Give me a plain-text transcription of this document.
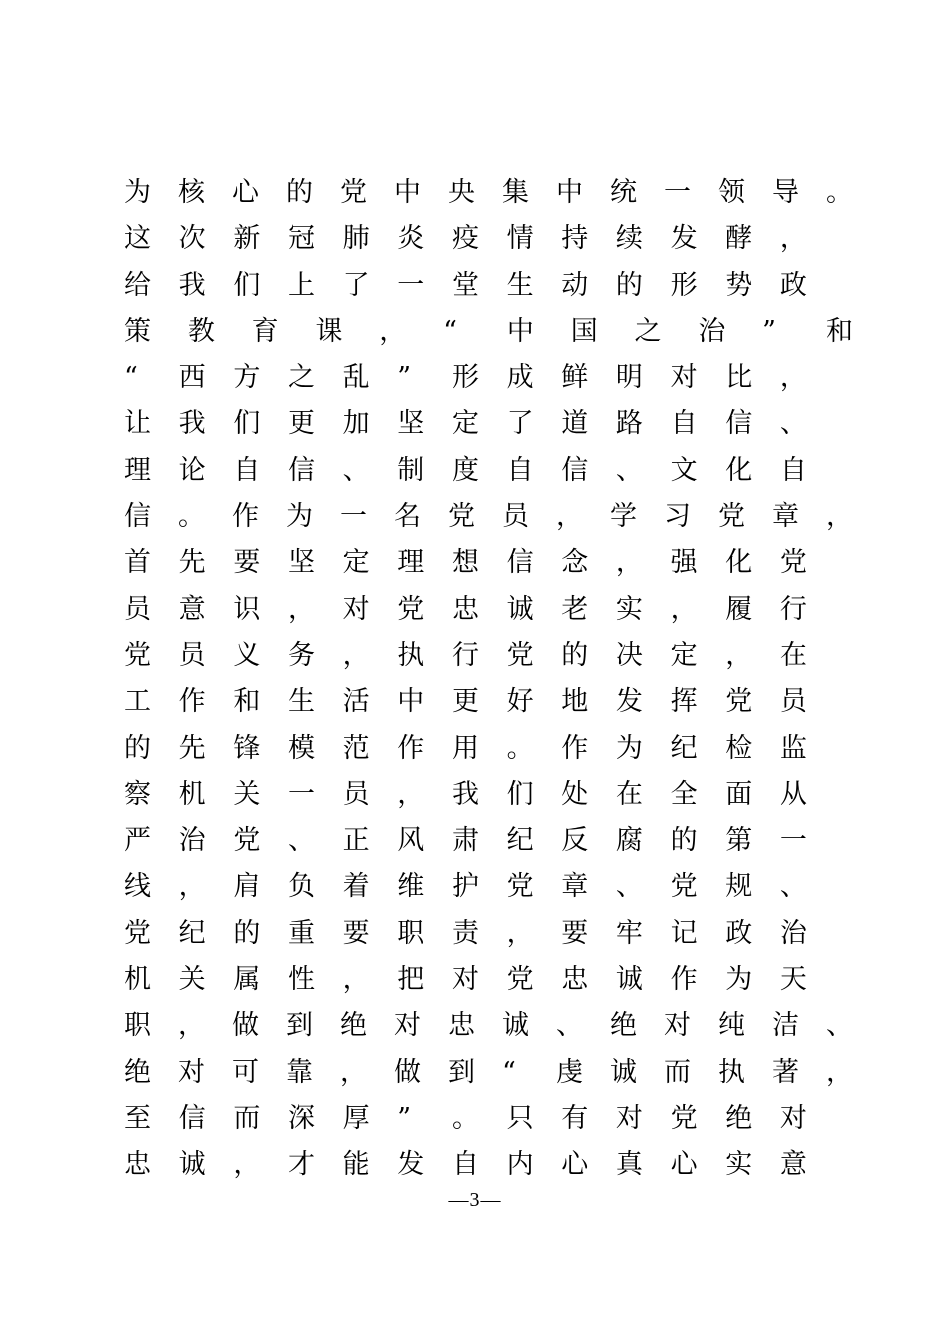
为 核 心 的 党 中 央 集 中 统 一 领 导 。
这 次 新 冠 肺 炎 疫 情 持 续 发 酵 ，
给 我 们 上 了 一 堂 生 动 的 形 势 政
策 教 育 课 ， “	中 国 之 治 ”	和
“	西 方 之 乱 ”	形 成 鲜 明 对 比 ，
让 我 们 更 加 坚 定 了 道 路 自 信 、
理 论 自 信 、 制 度 自 信 、 文 化 自
信 。 作 为 一 名 党 员 ， 学 习 党 章 ，
首 先 要 坚 定 理 想 信 念 ， 强 化 党
员 意 识 ， 对 党 忠 诚 老 实 ， 履 行
党 员 义 务 ， 执 行 党 的 决 定 ， 在
工 作 和 生 活 中 更 好 地 发 挥 党 员
的 先 锋 模 范 作 用 。 作 为 纪 检 监
察 机 关 一 员 ， 我 们 处 在 全 面 从
严 治 党 、 正 风 肃 纪 反 腐 的 第 一
线 ， 肩 负 着 维 护 党 章 、 党 规 、
党 纪 的 重 要 职 责 ， 要 牢 记 政 治
机 关 属 性 ， 把 对 党 忠 诚 作 为 天
职 ， 做 到 绝 对 忠 诚 、 绝 对 纯 洁 、
绝 对 可 靠 ， 做 到 “	虔 诚 而 执 著 ，
至 信 而 深 厚 ”	。 只 有 对 党 绝 对
忠 诚 ， 才 能 发 自 内 心 真 心 实 意
—3—
